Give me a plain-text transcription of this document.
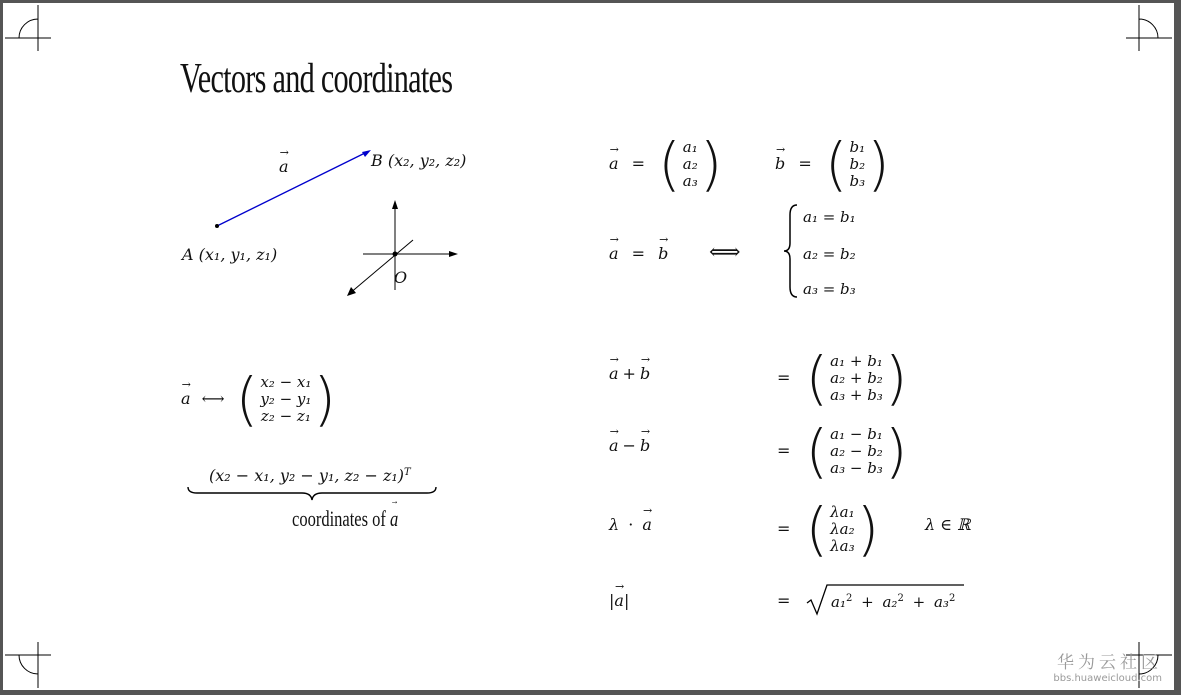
Vectors and coordinates
→ a	B (x₂, y₂, z₂)
A (x₁, y₁, z₁)
O
→ a ⟷ ( x₂ − x₁
y₂ − y₁
z₂ − z₁ )
(x₂ − x₁, y₂ − y₁, z₂ − z₁)$^T$
coordinates of → a
→ a = ( a₁
a₂
a₃ )	→ b = ( b₁
b₂
b₃ )
→ a = → b ⟺
a₁ = b₁
a₂ = b₂
a₃ = b₃
→ a + → b	= ( a₁ + b₁
a₂ + b₂
a₃ + b₃ )
→ a − → b	= ( a₁ − b₁
a₂ − b₂
a₃ − b₃ )
λ · → a	= ( λa₁
λa₂
λa₃ )	λ ∈ ℝ
|→ a|	=	a₁$^2$ + a₂$^2$ + a₃$^2$
华为云社区
bbs.huaweicloud.com
